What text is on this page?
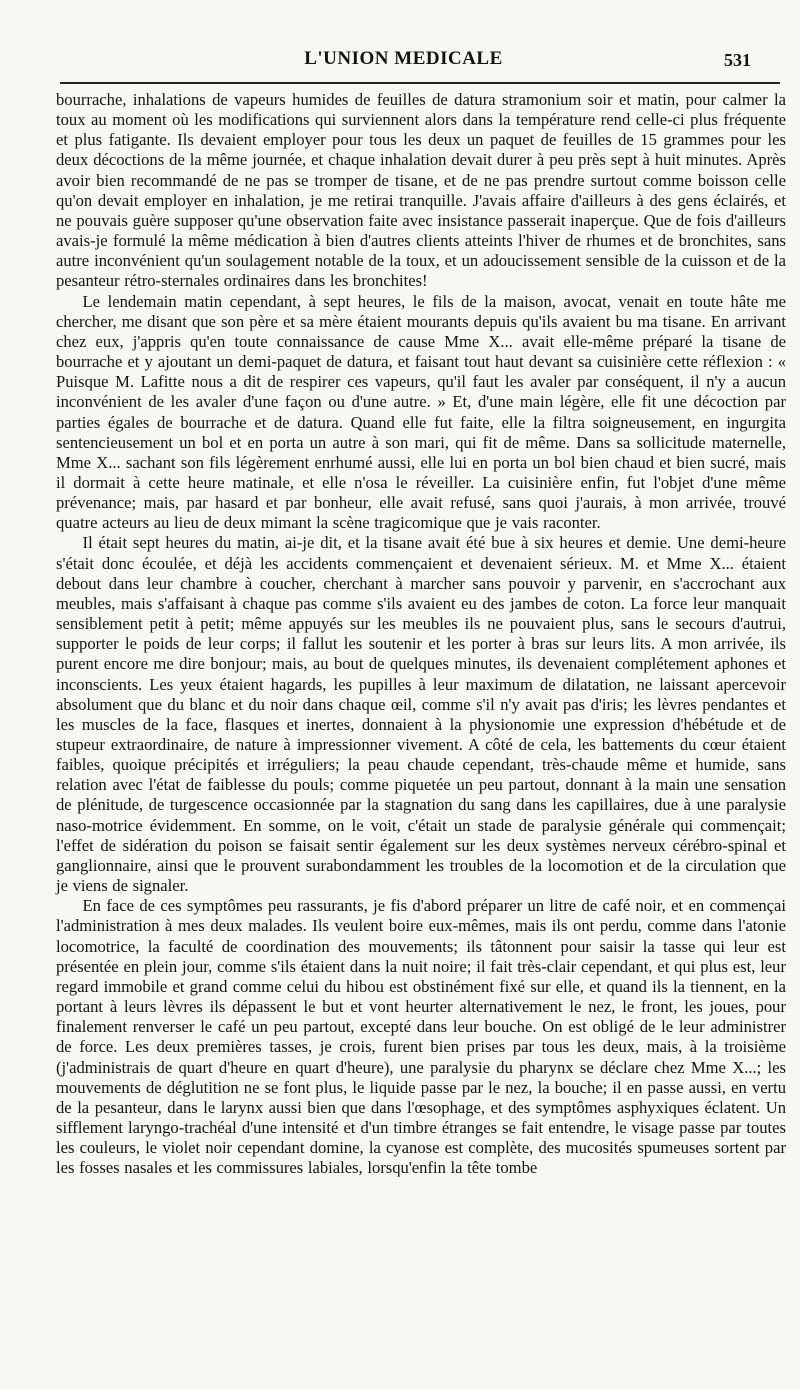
L'UNION MEDICALE	531

bourrache, inhalations de vapeurs humides de feuilles de datura stramonium soir et matin, pour calmer la toux au moment où les modifications qui surviennent alors dans la température rend celle-ci plus fréquente et plus fatigante. Ils devaient employer pour tous les deux un paquet de feuilles de 15 grammes pour les deux décoctions de la même journée, et chaque inhalation devait durer à peu près sept à huit minutes. Après avoir bien recommandé de ne pas se tromper de tisane, et de ne pas prendre surtout comme boisson celle qu'on devait employer en inhalation, je me retirai tranquille. J'avais affaire d'ailleurs à des gens éclairés, et ne pouvais guère supposer qu'une observation faite avec insistance passerait inaperçue. Que de fois d'ailleurs avais-je formulé la même médication à bien d'autres clients atteints l'hiver de rhumes et de bronchites, sans autre inconvénient qu'un soulagement notable de la toux, et un adoucissement sensible de la cuisson et de la pesanteur rétro-sternales ordinaires dans les bronchites!

Le lendemain matin cependant, à sept heures, le fils de la maison, avocat, venait en toute hâte me chercher, me disant que son père et sa mère étaient mourants depuis qu'ils avaient bu ma tisane. En arrivant chez eux, j'appris qu'en toute connaissance de cause Mme X... avait elle-même préparé la tisane de bourrache et y ajoutant un demi-paquet de datura, et faisant tout haut devant sa cuisinière cette réflexion : « Puisque M. Lafitte nous a dit de respirer ces vapeurs, qu'il faut les avaler par conséquent, il n'y a aucun inconvénient de les avaler d'une façon ou d'une autre. » Et, d'une main légère, elle fit une décoction par parties égales de bourrache et de datura. Quand elle fut faite, elle la filtra soigneusement, en ingurgita sentencieusement un bol et en porta un autre à son mari, qui fit de même. Dans sa sollicitude maternelle, Mme X... sachant son fils légèrement enrhumé aussi, elle lui en porta un bol bien chaud et bien sucré, mais il dormait à cette heure matinale, et elle n'osa le réveiller. La cuisinière enfin, fut l'objet d'une même prévenance; mais, par hasard et par bonheur, elle avait refusé, sans quoi j'aurais, à mon arrivée, trouvé quatre acteurs au lieu de deux mimant la scène tragicomique que je vais raconter.

Il était sept heures du matin, ai-je dit, et la tisane avait été bue à six heures et demie. Une demi-heure s'était donc écoulée, et déjà les accidents commençaient et devenaient sérieux. M. et Mme X... étaient debout dans leur chambre à coucher, cherchant à marcher sans pouvoir y parvenir, en s'accrochant aux meubles, mais s'affaisant à chaque pas comme s'ils avaient eu des jambes de coton. La force leur manquait sensiblement petit à petit; même appuyés sur les meubles ils ne pouvaient plus, sans le secours d'autrui, supporter le poids de leur corps; il fallut les soutenir et les porter à bras sur leurs lits. A mon arrivée, ils purent encore me dire bonjour; mais, au bout de quelques minutes, ils devenaient complétement aphones et inconscients. Les yeux étaient hagards, les pupilles à leur maximum de dilatation, ne laissant apercevoir absolument que du blanc et du noir dans chaque œil, comme s'il n'y avait pas d'iris; les lèvres pendantes et les muscles de la face, flasques et inertes, donnaient à la physionomie une expression d'hébétude et de stupeur extraordinaire, de nature à impressionner vivement. A côté de cela, les battements du cœur étaient faibles, quoique précipités et irréguliers; la peau chaude cependant, très-chaude même et humide, sans relation avec l'état de faiblesse du pouls; comme piquetée un peu partout, donnant à la main une sensation de plénitude, de turgescence occasionnée par la stagnation du sang dans les capillaires, due à une paralysie naso-motrice évidemment. En somme, on le voit, c'était un stade de paralysie générale qui commençait; l'effet de sidération du poison se faisait sentir également sur les deux systèmes nerveux cérébro-spinal et ganglionnaire, ainsi que le prouvent surabondamment les troubles de la locomotion et de la circulation que je viens de signaler.

En face de ces symptômes peu rassurants, je fis d'abord préparer un litre de café noir, et en commençai l'administration à mes deux malades. Ils veulent boire eux-mêmes, mais ils ont perdu, comme dans l'atonie locomotrice, la faculté de coordination des mouvements; ils tâtonnent pour saisir la tasse qui leur est présentée en plein jour, comme s'ils étaient dans la nuit noire; il fait très-clair cependant, et qui plus est, leur regard immobile et grand comme celui du hibou est obstinément fixé sur elle, et quand ils la tiennent, en la portant à leurs lèvres ils dépassent le but et vont heurter alternativement le nez, le front, les joues, pour finalement renverser le café un peu partout, excepté dans leur bouche. On est obligé de le leur administrer de force. Les deux premières tasses, je crois, furent bien prises par tous les deux, mais, à la troisième (j'administrais de quart d'heure en quart d'heure), une paralysie du pharynx se déclare chez Mme X...; les mouvements de déglutition ne se font plus, le liquide passe par le nez, la bouche; il en passe aussi, en vertu de la pesanteur, dans le larynx aussi bien que dans l'œsophage, et des symptômes asphyxiques éclatent. Un sifflement laryngo-trachéal d'une intensité et d'un timbre étranges se fait entendre, le visage passe par toutes les couleurs, le violet noir cependant domine, la cyanose est complète, des mucosités spumeuses sortent par les fosses nasales et les commissures labiales, lorsqu'enfin la tête tombe
